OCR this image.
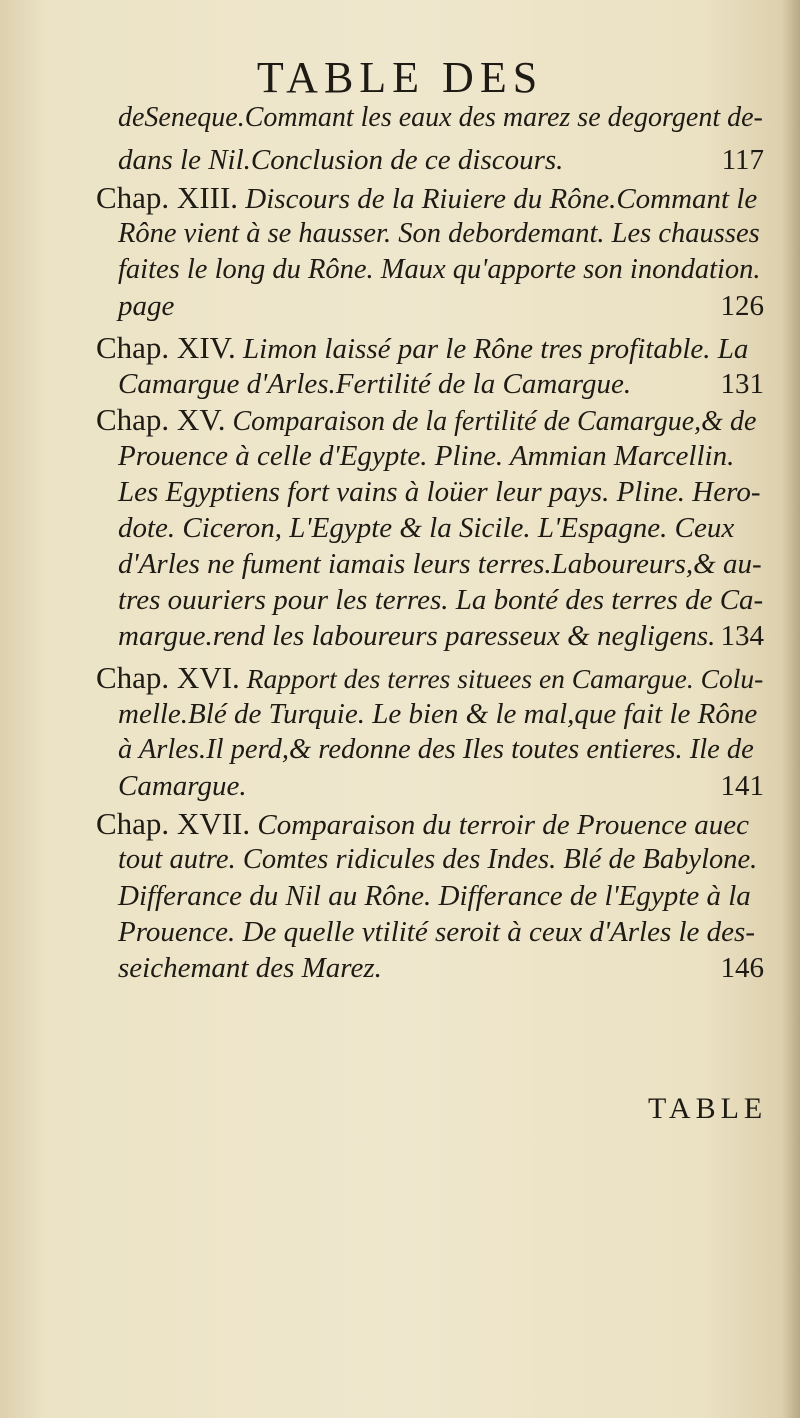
TABLE DES
deSeneque.Commant les eaux des marez se degorgent de-
dans le Nil.Conclusion de ce discours.	117
Chap. XIII. Discours de la Riuiere du Rône.Commant le
Rône vient à se hausser. Son debordemant. Les chausses
faites le long du Rône. Maux qu'apporte son inondation.
page	126
Chap. XIV. Limon laissé par le Rône tres profitable. La
Camargue d'Arles.Fertilité de la Camargue.	131
Chap. XV. Comparaison de la fertilité de Camargue,& de
Prouence à celle d'Egypte. Pline. Ammian Marcellin.
Les Egyptiens fort vains à loüer leur pays. Pline. Hero-
dote. Ciceron, L'Egypte & la Sicile. L'Espagne. Ceux
d'Arles ne fument iamais leurs terres.Laboureurs,& au-
tres ouuriers pour les terres. La bonté des terres de Ca-
margue.rend les laboureurs paresseux & negligens. 134
Chap. XVI. Rapport des terres situees en Camargue. Colu-
melle.Blé de Turquie. Le bien & le mal,que fait le Rône
à Arles.Il perd,& redonne des Iles toutes entieres. Ile de
Camargue.	141
Chap. XVII. Comparaison du terroir de Prouence auec
tout autre. Comtes ridicules des Indes. Blé de Babylone.
Differance du Nil au Rône. Differance de l'Egypte à la
Prouence. De quelle vtilité seroit à ceux d'Arles le des-
seichemant des Marez.	146
TABLE
